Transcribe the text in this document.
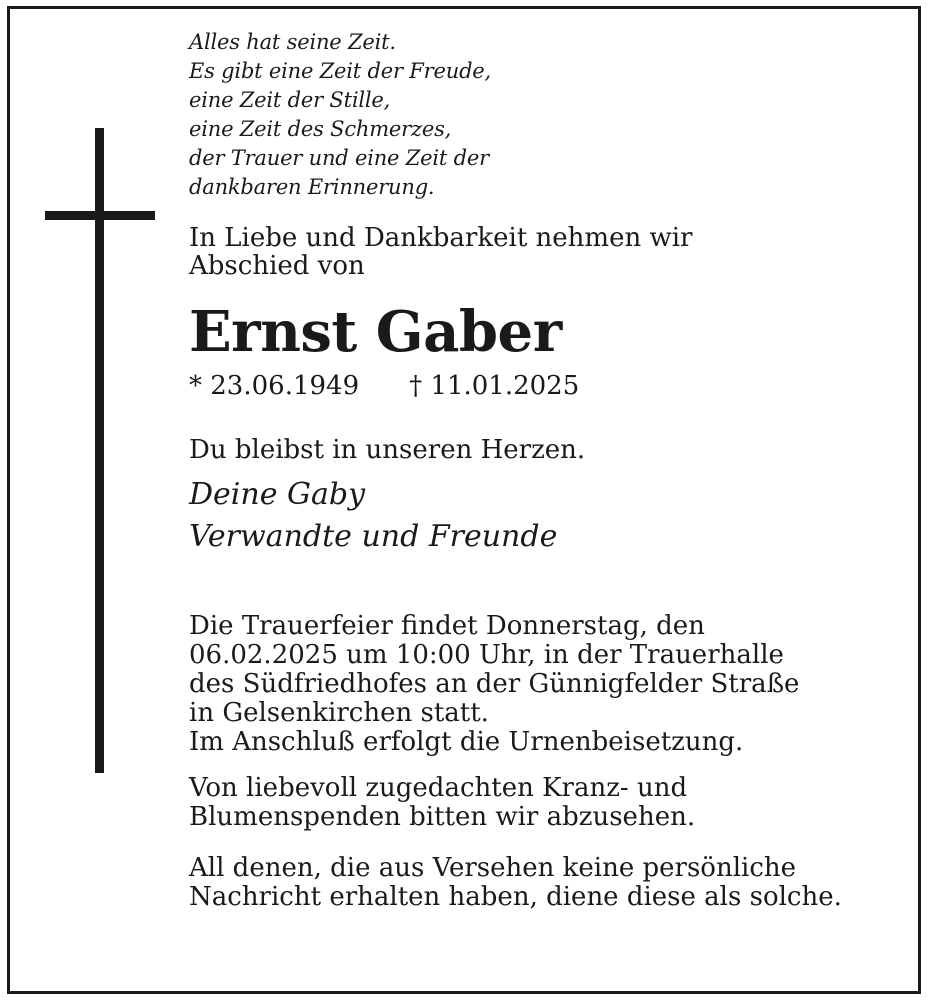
Alles hat seine Zeit.
Es gibt eine Zeit der Freude,
eine Zeit der Stille,
eine Zeit des Schmerzes,
der Trauer und eine Zeit der
dankbaren Erinnerung.

In Liebe und Dankbarkeit nehmen wir
Abschied von

Ernst Gaber
* 23.06.1949 † 11.01.2025

Du bleibst in unseren Herzen.

Deine Gaby
Verwandte und Freunde

Die Trauerfeier findet Donnerstag, den
06.02.2025 um 10:00 Uhr, in der Trauerhalle
des Südfriedhofes an der Günnigfelder Straße
in Gelsenkirchen statt.
Im Anschluß erfolgt die Urnenbeisetzung.

Von liebevoll zugedachten Kranz- und
Blumenspenden bitten wir abzusehen.

All denen, die aus Versehen keine persönliche
Nachricht erhalten haben, diene diese als solche.
